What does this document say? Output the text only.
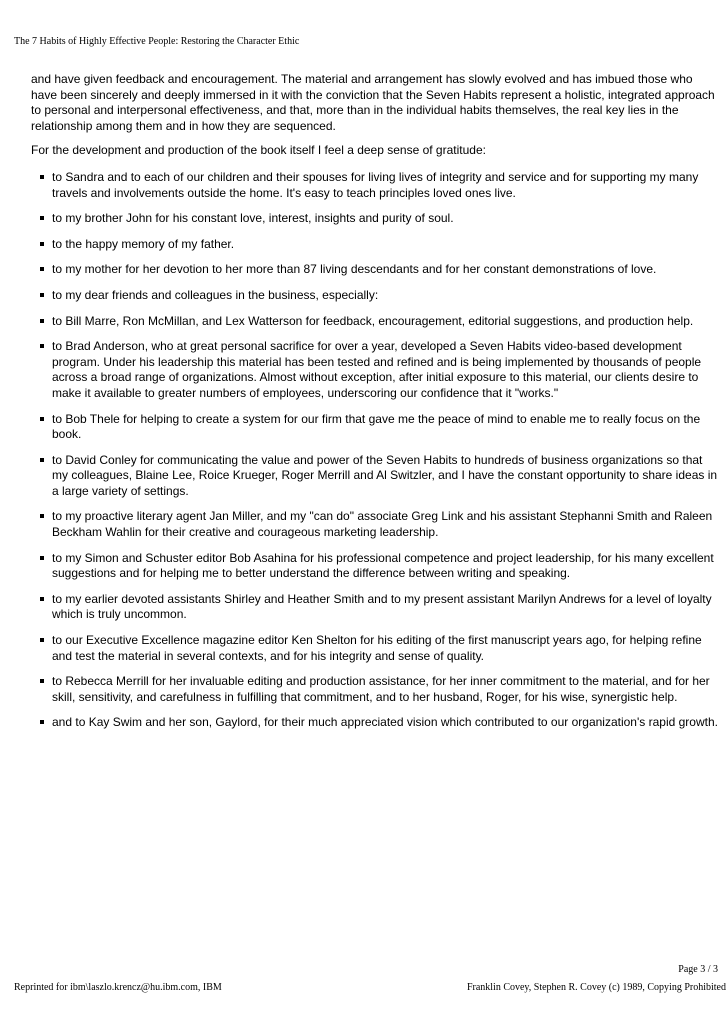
The 7 Habits of Highly Effective People: Restoring the Character Ethic

and have given feedback and encouragement. The material and arrangement has slowly evolved and has imbued those who have been sincerely and deeply immersed in it with the conviction that the Seven Habits represent a holistic, integrated approach to personal and interpersonal effectiveness, and that, more than in the individual habits themselves, the real key lies in the relationship among them and in how they are sequenced.

For the development and production of the book itself I feel a deep sense of gratitude:

to Sandra and to each of our children and their spouses for living lives of integrity and service and for supporting my many travels and involvements outside the home. It's easy to teach principles loved ones live.
to my brother John for his constant love, interest, insights and purity of soul.
to the happy memory of my father.
to my mother for her devotion to her more than 87 living descendants and for her constant demonstrations of love.
to my dear friends and colleagues in the business, especially:
to Bill Marre, Ron McMillan, and Lex Watterson for feedback, encouragement, editorial suggestions, and production help.
to Brad Anderson, who at great personal sacrifice for over a year, developed a Seven Habits video-based development program. Under his leadership this material has been tested and refined and is being implemented by thousands of people across a broad range of organizations. Almost without exception, after initial exposure to this material, our clients desire to make it available to greater numbers of employees, underscoring our confidence that it "works."
to Bob Thele for helping to create a system for our firm that gave me the peace of mind to enable me to really focus on the book.
to David Conley for communicating the value and power of the Seven Habits to hundreds of business organizations so that my colleagues, Blaine Lee, Roice Krueger, Roger Merrill and Al Switzler, and I have the constant opportunity to share ideas in a large variety of settings.
to my proactive literary agent Jan Miller, and my "can do" associate Greg Link and his assistant Stephanni Smith and Raleen Beckham Wahlin for their creative and courageous marketing leadership.
to my Simon and Schuster editor Bob Asahina for his professional competence and project leadership, for his many excellent suggestions and for helping me to better understand the difference between writing and speaking.
to my earlier devoted assistants Shirley and Heather Smith and to my present assistant Marilyn Andrews for a level of loyalty which is truly uncommon.
to our Executive Excellence magazine editor Ken Shelton for his editing of the first manuscript years ago, for helping refine and test the material in several contexts, and for his integrity and sense of quality.
to Rebecca Merrill for her invaluable editing and production assistance, for her inner commitment to the material, and for her skill, sensitivity, and carefulness in fulfilling that commitment, and to her husband, Roger, for his wise, synergistic help.
and to Kay Swim and her son, Gaylord, for their much appreciated vision which contributed to our organization's rapid growth.
Page 3 / 3
Reprinted for ibm\laszlo.krencz@hu.ibm.com, IBM	Franklin Covey, Stephen R. Covey (c) 1989, Copying Prohibited
